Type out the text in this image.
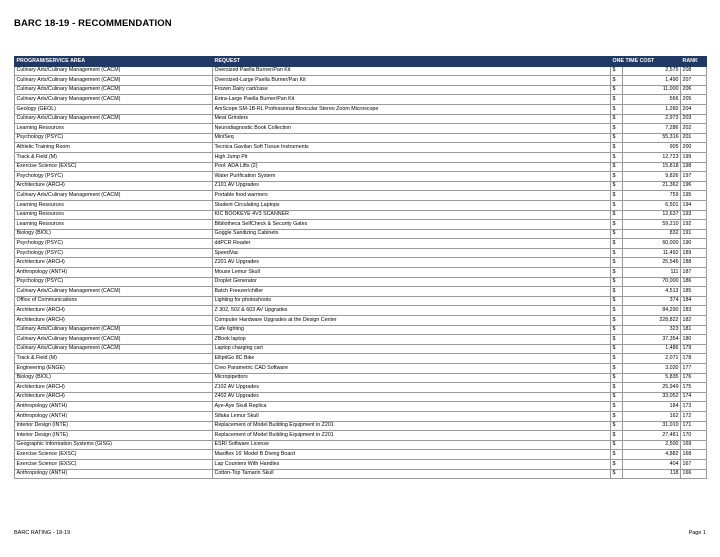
BARC 18-19 - RECOMMENDATION
PROGRAM/SERVICE AREA	REQUEST	ONE TIME COST		RANK
Culinary Arts/Culinary Management (CACM)	Oversized Paella Burner/Pan Kit	$	2,575	208
Culinary Arts/Culinary Management (CACM)	Oversized-Large Paella Burner/Pan Kit	$	1,490	207
Culinary Arts/Culinary Management (CACM)	Frozen Dairy cart/case	$	11,000	206
Culinary Arts/Culinary Management (CACM)	Extra-Large Paella Burner/Pan Kit	$	566	205
Geology (GEOL)	AmScope SM-1B-RL Professional Binocular Stereo Zoom Microscope	$	1,260	204
Culinary Arts/Culinary Management (CACM)	Meat Grinders	$	2,973	203
Learning Resources	Neurodiagnostic Book Collection	$	7,286	202
Psychology (PSYC)	MiniSeq	$	55,316	201
Athletic Training Room	Tecnica Gavilan Soft Tissue Instruments	$	905	200
Track & Field (M)	High Jump Pit	$	12,723	199
Exercise Science (EXSC)	Pool: ADA Lifts (2)	$	15,818	198
Psychology (PSYC)	Water Purification System	$	9,826	197
Architecture (ARCH)	Z101 AV Upgrades	$	21,362	196
Culinary Arts/Culinary Management (CACM)	Portable food warmers	$	759	195
Learning Resources	Student Circulating Laptops	$	6,501	194
Learning Resources	KIC BOOKEYE 4V3 SCANNER	$	12,637	193
Learning Resources	Bibliotheca SelfCheck & Security Gates	$	59,210	192
Biology (BIOL)	Goggle Sanitizing Cabinets	$	832	191
Psychology (PSYC)	ddPCR Reader	$	60,000	190
Psychology (PSYC)	SpeedVac	$	11,492	189
Architecture (ARCH)	Z201 AV Upgrades	$	25,546	188
Anthropology (ANTH)	Mouse Lemur Skull	$	111	187
Psychology (PSYC)	Droplet Generator	$	70,000	186
Culinary Arts/Culinary Management (CACM)	Batch Freezer/chiller	$	4,513	185
Office of Communications	Lighting for photoshoots	$	374	184
Architecture (ARCH)	Z 302, 502 & 603 AV Upgrades	$	84,290	183
Architecture (ARCH)	Computer Hardware Upgrades at the Design Center	$	228,822	182
Culinary Arts/Culinary Management (CACM)	Cafe lighting	$	323	181
Culinary Arts/Culinary Management (CACM)	ZBook laptop	$	37,354	180
Culinary Arts/Culinary Management (CACM)	Laptop charging cart	$	1,486	179
Track & Field (M)	ElliptiGo 8C Bike	$	2,071	178
Engineering (ENGE)	Creo Parametric CAD Software	$	3,020	177
Biology (BIOL)	Micropipettors	$	5,835	176
Architecture (ARCH)	Z102 AV Upgrades	$	25,949	175
Architecture (ARCH)	Z402 AV Upgrades	$	33,052	174
Anthropology (ANTH)	Aye-Aye Skull Replica	$	184	173
Anthropology (ANTH)	Sifaka Lemur Skull	$	162	172
Interior Design (INTE)	Replacement of Model Building Equipment in Z201	$	31,010	171
Interior Design (INTE)	Replacement of Model Building Equipment in Z201	$	27,481	170
Geographic Information Systems (GISG)	ESRI Software License	$	2,500	169
Exercise Science (EXSC)	Maxiflex 16' Model B Diving Board	$	4,882	168
Exercise Science (EXSC)	Lap Counters With Handles	$	404	167
Anthropology (ANTH)	Cotton-Top Tamarin Skull	$	118	166
BARC RATING - 18-19	Page 1
